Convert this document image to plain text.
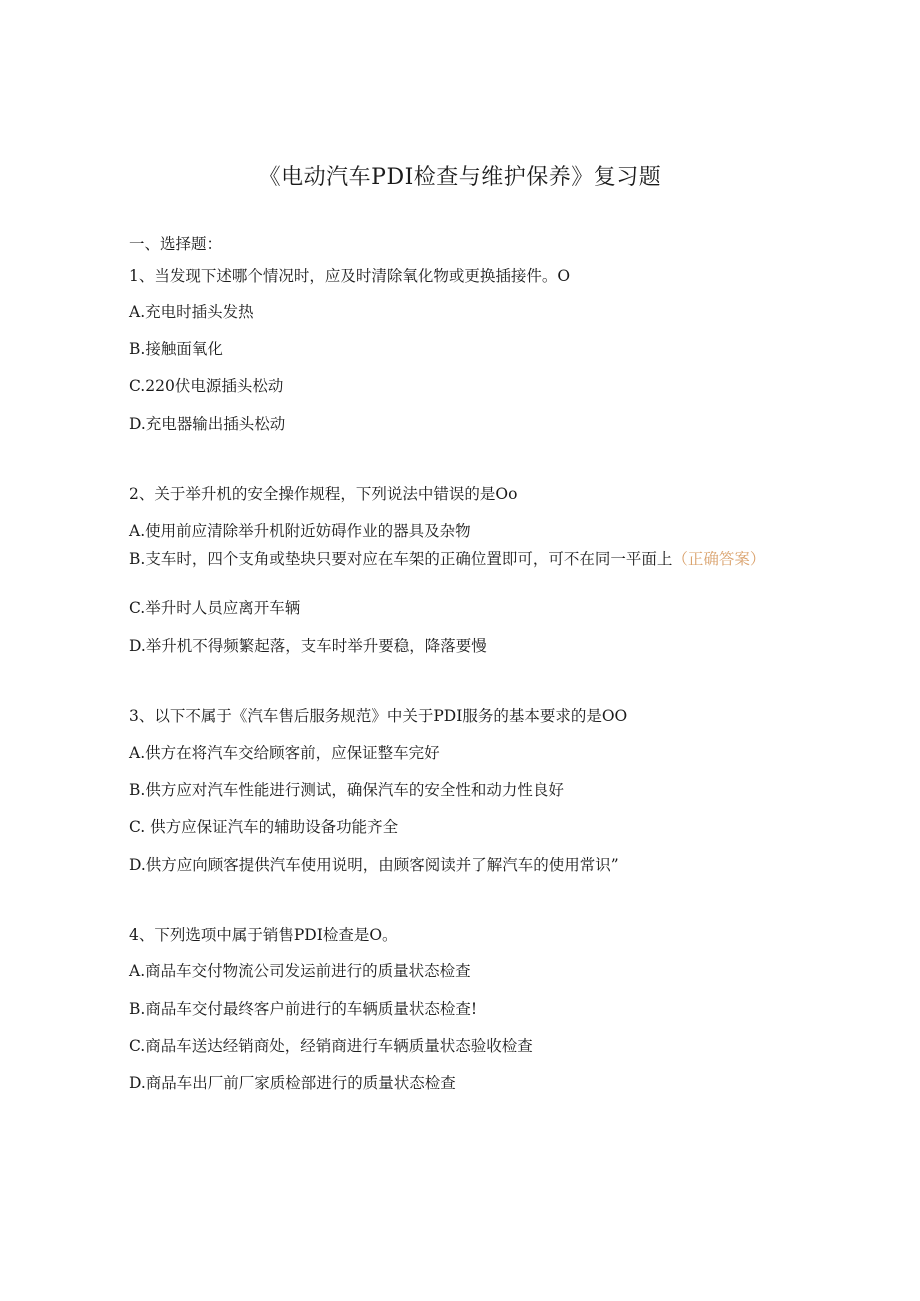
《电动汽车PDI检查与维护保养》复习题
一、选择题：
1、当发现下述哪个情况时，应及时清除氧化物或更换插接件。O
A.充电时插头发热
B.接触面氧化
C.220伏电源插头松动
D.充电器输出插头松动
2、关于举升机的安全操作规程，下列说法中错误的是Oo
A.使用前应清除举升机附近妨碍作业的器具及杂物
B.支车时，四个支角或垫块只要对应在车架的正确位置即可，可不在同一平面上（正确答案）
C.举升时人员应离开车辆
D.举升机不得频繁起落，支车时举升要稳，降落要慢
3、以下不属于《汽车售后服务规范》中关于PDI服务的基本要求的是OO
A.供方在将汽车交给顾客前，应保证整车完好
B.供方应对汽车性能进行测试，确保汽车的安全性和动力性良好
C. 供方应保证汽车的辅助设备功能齐全
D.供方应向顾客提供汽车使用说明，由顾客阅读并了解汽车的使用常识”
4、下列选项中属于销售PDI检查是O。
A.商品车交付物流公司发运前进行的质量状态检查
B.商品车交付最终客户前进行的车辆质量状态检查!
C.商品车送达经销商处，经销商进行车辆质量状态验收检查
D.商品车出厂前厂家质检部进行的质量状态检查
